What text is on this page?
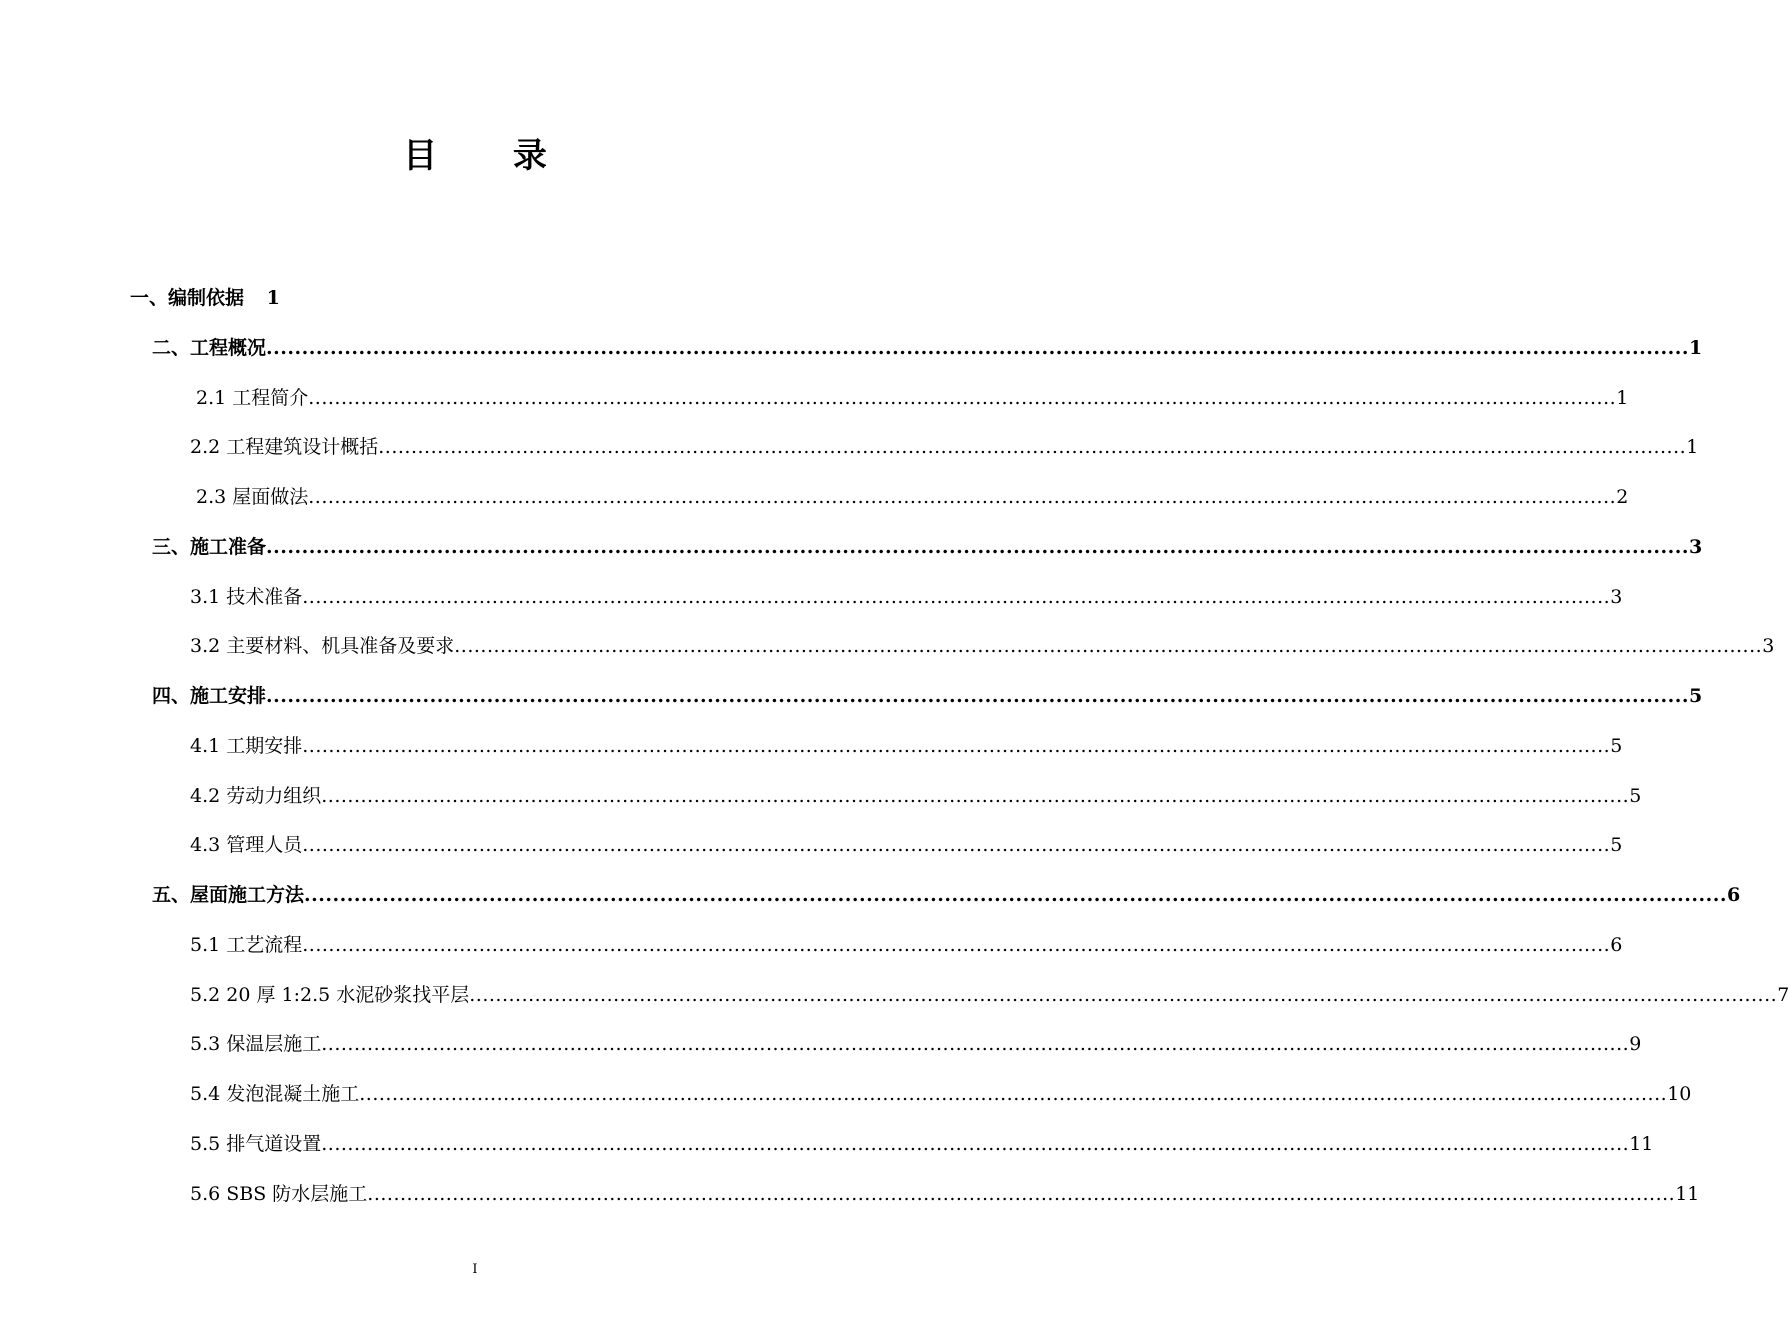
目 录
一、编制依据 1
二、工程概况 ........................................................................................................................................................................................................ 1
2.1 工程简介 ........................................................................................................................................................................................................ 1
2.2 工程建筑设计概括 ........................................................................................................................................................................................................ 1
2.3 屋面做法 ........................................................................................................................................................................................................ 2
三、施工准备 ........................................................................................................................................................................................................ 3
3.1 技术准备 ........................................................................................................................................................................................................ 3
3.2 主要材料、机具准备及要求 ........................................................................................................................................................................................................ 3
四、施工安排 ........................................................................................................................................................................................................ 5
4.1 工期安排 ........................................................................................................................................................................................................ 5
4.2 劳动力组织 ........................................................................................................................................................................................................ 5
4.3 管理人员 ........................................................................................................................................................................................................ 5
五、屋面施工方法 ........................................................................................................................................................................................................ 6
5.1 工艺流程 ........................................................................................................................................................................................................ 6
5.2 20 厚 1:2.5 水泥砂浆找平层 ........................................................................................................................................................................................................ 7
5.3 保温层施工 ........................................................................................................................................................................................................ 9
5.4 发泡混凝土施工 ........................................................................................................................................................................................................ 10
5.5 排气道设置 ........................................................................................................................................................................................................ 11
5.6 SBS 防水层施工 ........................................................................................................................................................................................................ 11
I
